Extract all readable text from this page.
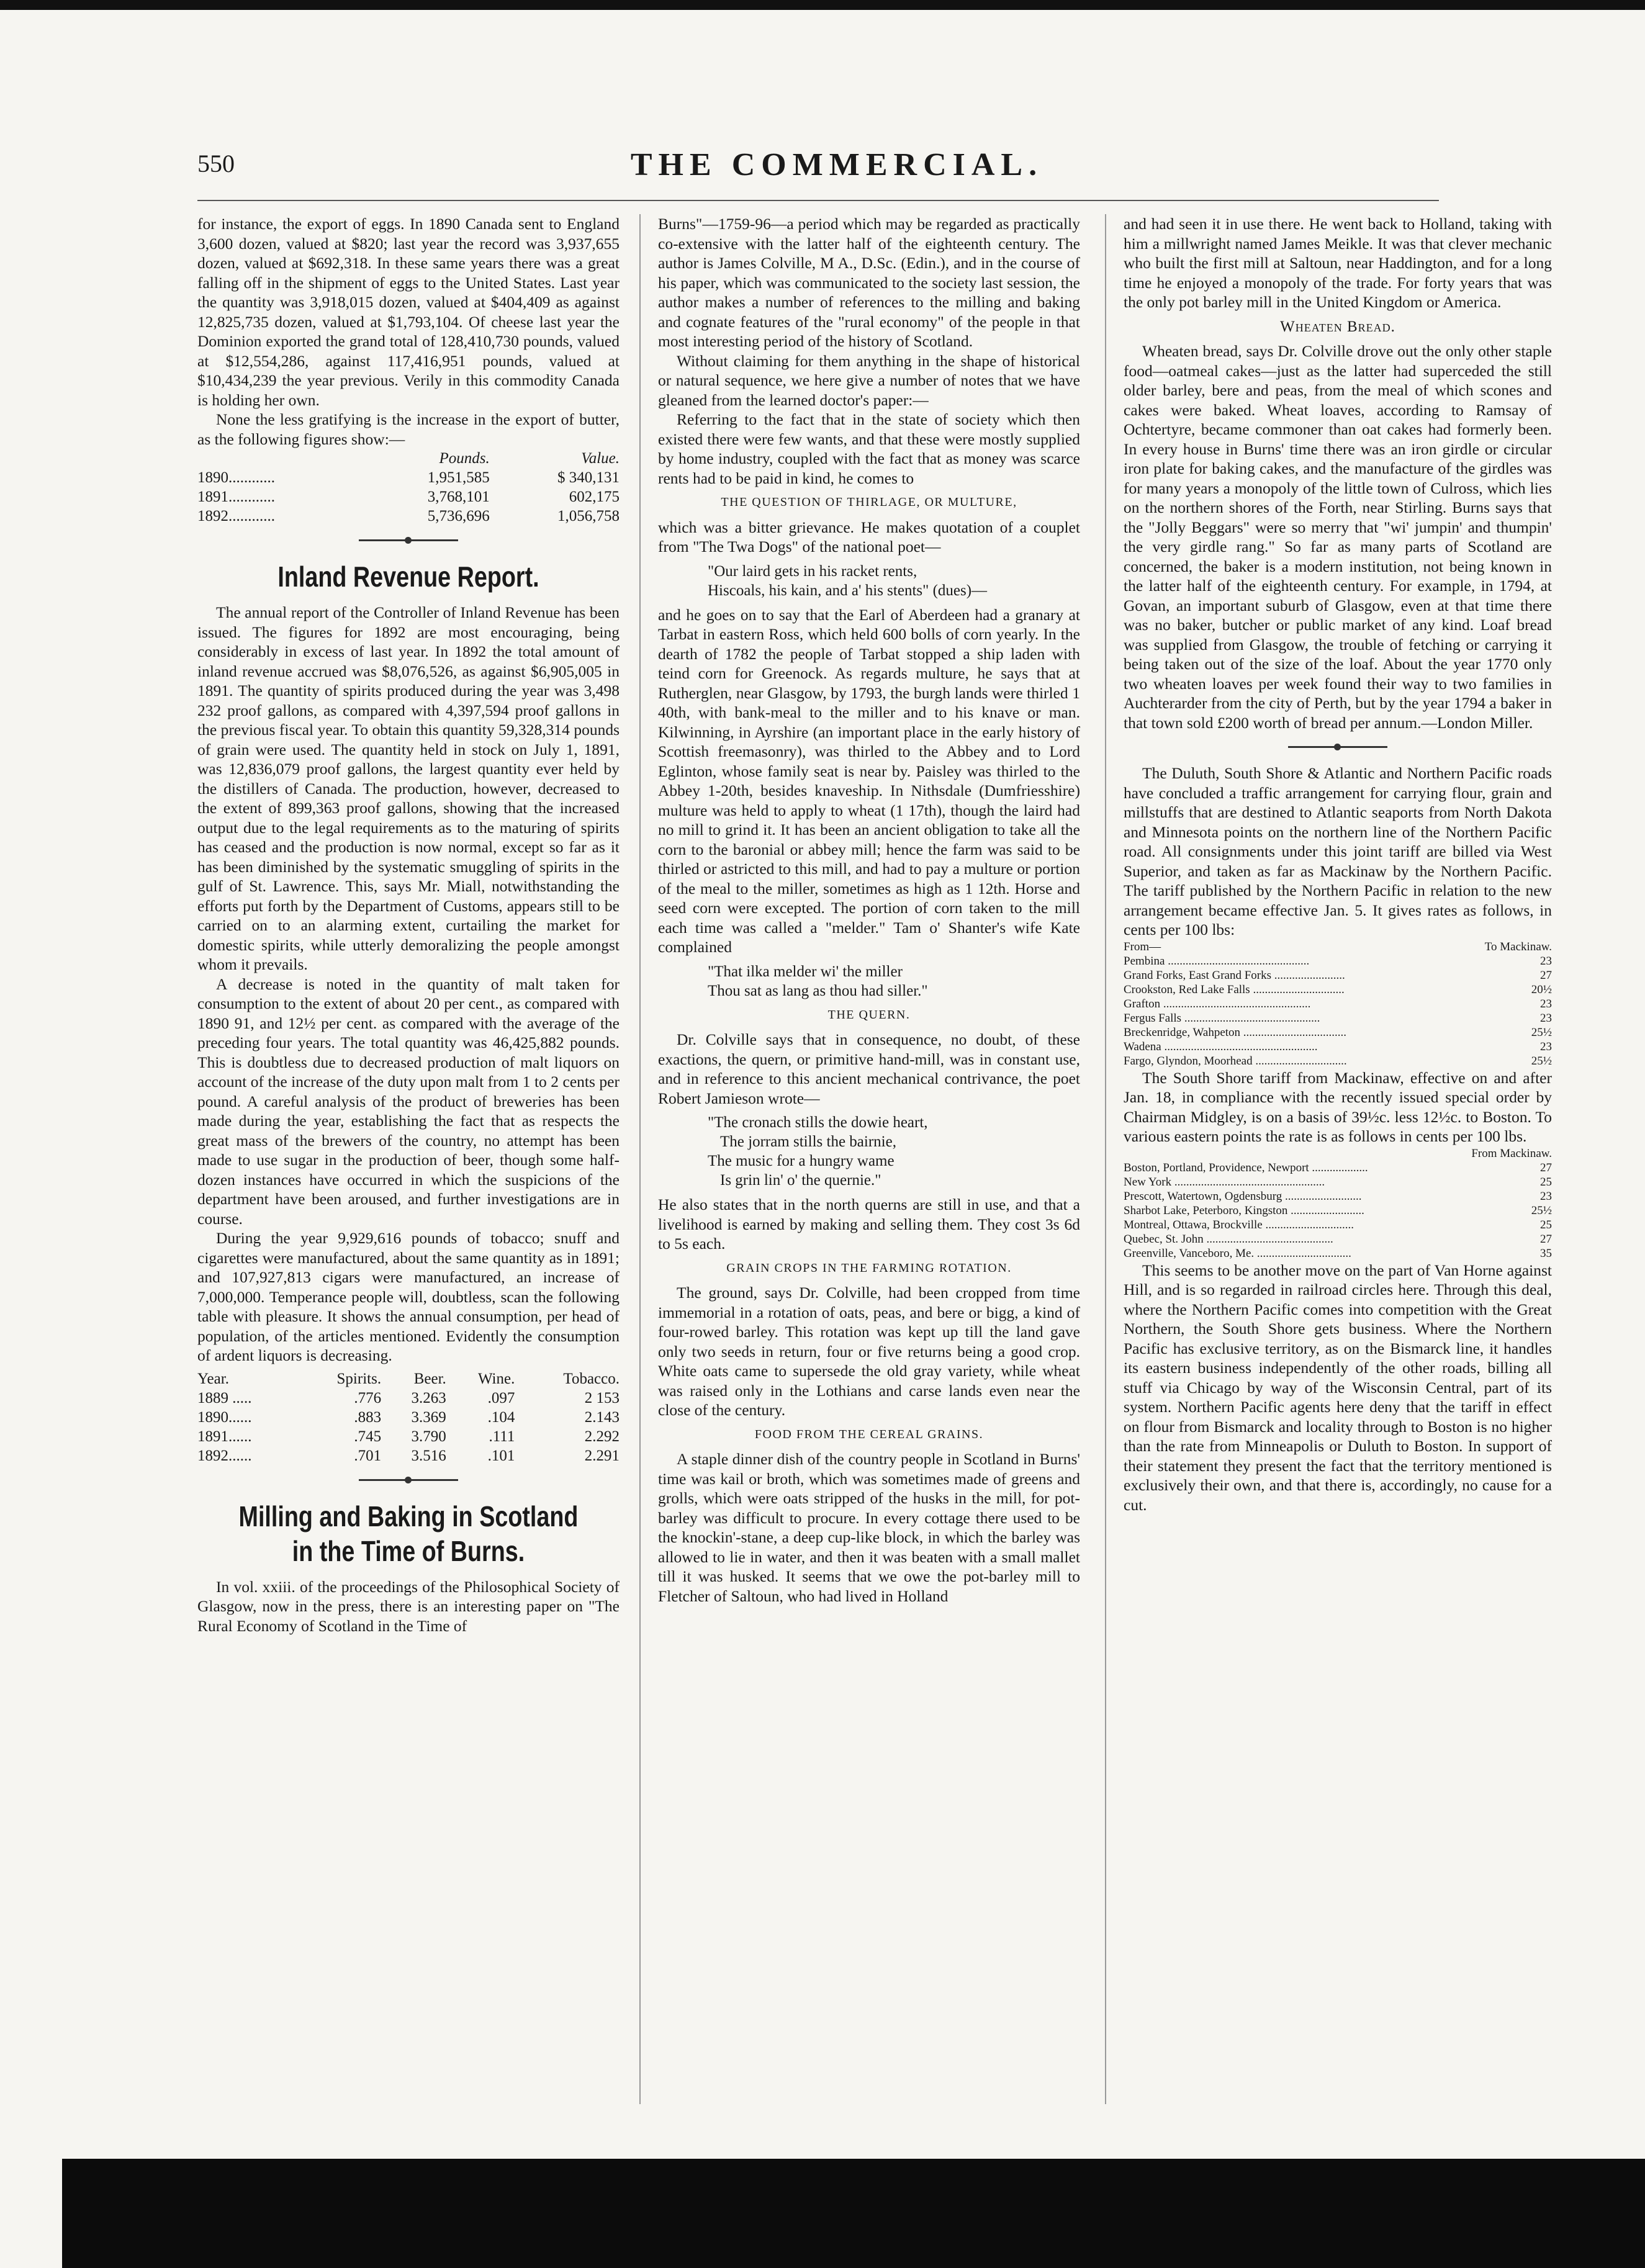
550	THE COMMERCIAL.

for instance, the export of eggs. In 1890 Canada sent to England 3,600 dozen, valued at $820; last year the record was 3,937,655 dozen, valued at $692,318. In these same years there was a great falling off in the shipment of eggs to the United States. Last year the quantity was 3,918,015 dozen, valued at $404,409 as against 12,825,735 dozen, valued at $1,793,104. Of cheese last year the Dominion exported the grand total of 128,410,730 pounds, valued at $12,554,286, against 117,416,951 pounds, valued at $10,434,239 the year previous. Verily in this commodity Canada is holding her own.

None the less gratifying is the increase in the export of butter, as the following figures show:—

	Pounds.	Value.
1890............	1,951,585	$ 340,131
1891............	3,768,101	602,175
1892............	5,736,696	1,056,758
Inland Revenue Report.

The annual report of the Controller of Inland Revenue has been issued. The figures for 1892 are most encouraging, being considerably in excess of last year. In 1892 the total amount of inland revenue accrued was $8,076,526, as against $6,905,005 in 1891. The quantity of spirits produced during the year was 3,498 232 proof gallons, as compared with 4,397,594 proof gallons in the previous fiscal year. To obtain this quantity 59,328,314 pounds of grain were used. The quantity held in stock on July 1, 1891, was 12,836,079 proof gallons, the largest quantity ever held by the distillers of Canada. The production, however, decreased to the extent of 899,363 proof gallons, showing that the increased output due to the legal requirements as to the maturing of spirits has ceased and the production is now normal, except so far as it has been diminished by the systematic smuggling of spirits in the gulf of St. Lawrence. This, says Mr. Miall, notwithstanding the efforts put forth by the Department of Customs, appears still to be carried on to an alarming extent, curtailing the market for domestic spirits, while utterly demoralizing the people amongst whom it prevails.

A decrease is noted in the quantity of malt taken for consumption to the extent of about 20 per cent., as compared with 1890 91, and 12½ per cent. as compared with the average of the preceding four years. The total quantity was 46,425,882 pounds. This is doubtless due to decreased production of malt liquors on account of the increase of the duty upon malt from 1 to 2 cents per pound. A careful analysis of the product of breweries has been made during the year, establishing the fact that as respects the great mass of the brewers of the country, no attempt has been made to use sugar in the production of beer, though some half-dozen instances have occurred in which the suspicions of the department have been aroused, and further investigations are in course.

During the year 9,929,616 pounds of tobacco; snuff and cigarettes were manufactured, about the same quantity as in 1891; and 107,927,813 cigars were manufactured, an increase of 7,000,000. Temperance people will, doubtless, scan the following table with pleasure. It shows the annual consumption, per head of population, of the articles mentioned. Evidently the consumption of ardent liquors is decreasing.

Year.	Spirits.	Beer.	Wine.	Tobacco.
1889 .....	.776	3.263	.097	2 153
1890......	.883	3.369	.104	2.143
1891......	.745	3.790	.111	2.292
1892......	.701	3.516	.101	2.291
Milling and Baking in Scotland in the Time of Burns.

In vol. xxiii. of the proceedings of the Philosophical Society of Glasgow, now in the press, there is an interesting paper on "The Rural Economy of Scotland in the Time of

Burns"—1759-96—a period which may be regarded as practically co-extensive with the latter half of the eighteenth century. The author is James Colville, M A., D.Sc. (Edin.), and in the course of his paper, which was communicated to the society last session, the author makes a number of references to the milling and baking and cognate features of the "rural economy" of the people in that most interesting period of the history of Scotland.

Without claiming for them anything in the shape of historical or natural sequence, we here give a number of notes that we have gleaned from the learned doctor's paper:—

Referring to the fact that in the state of society which then existed there were few wants, and that these were mostly supplied by home industry, coupled with the fact that as money was scarce rents had to be paid in kind, he comes to

THE QUESTION OF THIRLAGE, OR MULTURE,

which was a bitter grievance. He makes quotation of a couplet from "The Twa Dogs" of the national poet—

"Our laird gets in his racket rents,
Hiscoals, his kain, and a' his stents" (dues)—

and he goes on to say that the Earl of Aberdeen had a granary at Tarbat in eastern Ross, which held 600 bolls of corn yearly. In the dearth of 1782 the people of Tarbat stopped a ship laden with teind corn for Greenock. As regards multure, he says that at Rutherglen, near Glasgow, by 1793, the burgh lands were thirled 1 40th, with bank-meal to the miller and to his knave or man. Kilwinning, in Ayrshire (an important place in the early history of Scottish freemasonry), was thirled to the Abbey and to Lord Eglinton, whose family seat is near by. Paisley was thirled to the Abbey 1-20th, besides knaveship. In Nithsdale (Dumfriesshire) multure was held to apply to wheat (1 17th), though the laird had no mill to grind it. It has been an ancient obligation to take all the corn to the baronial or abbey mill; hence the farm was said to be thirled or astricted to this mill, and had to pay a multure or portion of the meal to the miller, sometimes as high as 1 12th. Horse and seed corn were excepted. The portion of corn taken to the mill each time was called a "melder." Tam o' Shanter's wife Kate complained

"That ilka melder wi' the miller
Thou sat as lang as thou had siller."
THE QUERN.

Dr. Colville says that in consequence, no doubt, of these exactions, the quern, or primitive hand-mill, was in constant use, and in reference to this ancient mechanical contrivance, the poet Robert Jamieson wrote—

"The cronach stills the dowie heart,
The jorram stills the bairnie,
The music for a hungry wame
Is grin lin' o' the quernie."

He also states that in the north querns are still in use, and that a livelihood is earned by making and selling them. They cost 3s 6d to 5s each.

GRAIN CROPS IN THE FARMING ROTATION.

The ground, says Dr. Colville, had been cropped from time immemorial in a rotation of oats, peas, and bere or bigg, a kind of four-rowed barley. This rotation was kept up till the land gave only two seeds in return, four or five returns being a good crop. White oats came to supersede the old gray variety, while wheat was raised only in the Lothians and carse lands even near the close of the century.

FOOD FROM THE CEREAL GRAINS.

A staple dinner dish of the country people in Scotland in Burns' time was kail or broth, which was sometimes made of greens and grolls, which were oats stripped of the husks in the mill, for pot-barley was difficult to procure. In every cottage there used to be the knockin'-stane, a deep cup-like block, in which the barley was allowed to lie in water, and then it was beaten with a small mallet till it was husked. It seems that we owe the pot-barley mill to Fletcher of Saltoun, who had lived in Holland

and had seen it in use there. He went back to Holland, taking with him a millwright named James Meikle. It was that clever mechanic who built the first mill at Saltoun, near Haddington, and for a long time he enjoyed a monopoly of the trade. For forty years that was the only pot barley mill in the United Kingdom or America.

Wheaten Bread.

Wheaten bread, says Dr. Colville drove out the only other staple food—oatmeal cakes—just as the latter had superceded the still older barley, bere and peas, from the meal of which scones and cakes were baked. Wheat loaves, according to Ramsay of Ochtertyre, became commoner than oat cakes had formerly been. In every house in Burns' time there was an iron girdle or circular iron plate for baking cakes, and the manufacture of the girdles was for many years a monopoly of the little town of Culross, which lies on the northern shores of the Forth, near Stirling. Burns says that the "Jolly Beggars" were so merry that "wi' jumpin' and thumpin' the very girdle rang." So far as many parts of Scotland are concerned, the baker is a modern institution, not being known in the latter half of the eighteenth century. For example, in 1794, at Govan, an important suburb of Glasgow, even at that time there was no baker, butcher or public market of any kind. Loaf bread was supplied from Glasgow, the trouble of fetching or carrying it being taken out of the size of the loaf. About the year 1770 only two wheaten loaves per week found their way to two families in Auchterarder from the city of Perth, but by the year 1794 a baker in that town sold £200 worth of bread per annum.—London Miller.

The Duluth, South Shore & Atlantic and Northern Pacific roads have concluded a traffic arrangement for carrying flour, grain and millstuffs that are destined to Atlantic seaports from North Dakota and Minnesota points on the northern line of the Northern Pacific road. All consignments under this joint tariff are billed via West Superior, and taken as far as Mackinaw by the Northern Pacific. The tariff published by the Northern Pacific in relation to the new arrangement became effective Jan. 5. It gives rates as follows, in cents per 100 lbs:

From—	To Mackinaw.
Pembina ................................................	23
Grand Forks, East Grand Forks ........................	27
Crookston, Red Lake Falls ...............................	20½
Grafton ..................................................	23
Fergus Falls ..............................................	23
Breckenridge, Wahpeton ...................................	25½
Wadena ....................................................	23
Fargo, Glyndon, Moorhead ...............................	25½

The South Shore tariff from Mackinaw, effective on and after Jan. 18, in compliance with the recently issued special order by Chairman Midgley, is on a basis of 39½c. less 12½c. to Boston. To various eastern points the rate is as follows in cents per 100 lbs.

	From Mackinaw.
Boston, Portland, Providence, Newport ...................	27
New York ...................................................	25
Prescott, Watertown, Ogdensburg ..........................	23
Sharbot Lake, Peterboro, Kingston .........................	25½
Montreal, Ottawa, Brockville ..............................	25
Quebec, St. John ...........................................	27
Greenville, Vanceboro, Me. ................................	35

This seems to be another move on the part of Van Horne against Hill, and is so regarded in railroad circles here. Through this deal, where the Northern Pacific comes into competition with the Great Northern, the South Shore gets business. Where the Northern Pacific has exclusive territory, as on the Bismarck line, it handles its eastern business independently of the other roads, billing all stuff via Chicago by way of the Wisconsin Central, part of its system. Northern Pacific agents here deny that the tariff in effect on flour from Bismarck and locality through to Boston is no higher than the rate from Minneapolis or Duluth to Boston. In support of their statement they present the fact that the territory mentioned is exclusively their own, and that there is, accordingly, no cause for a cut.
